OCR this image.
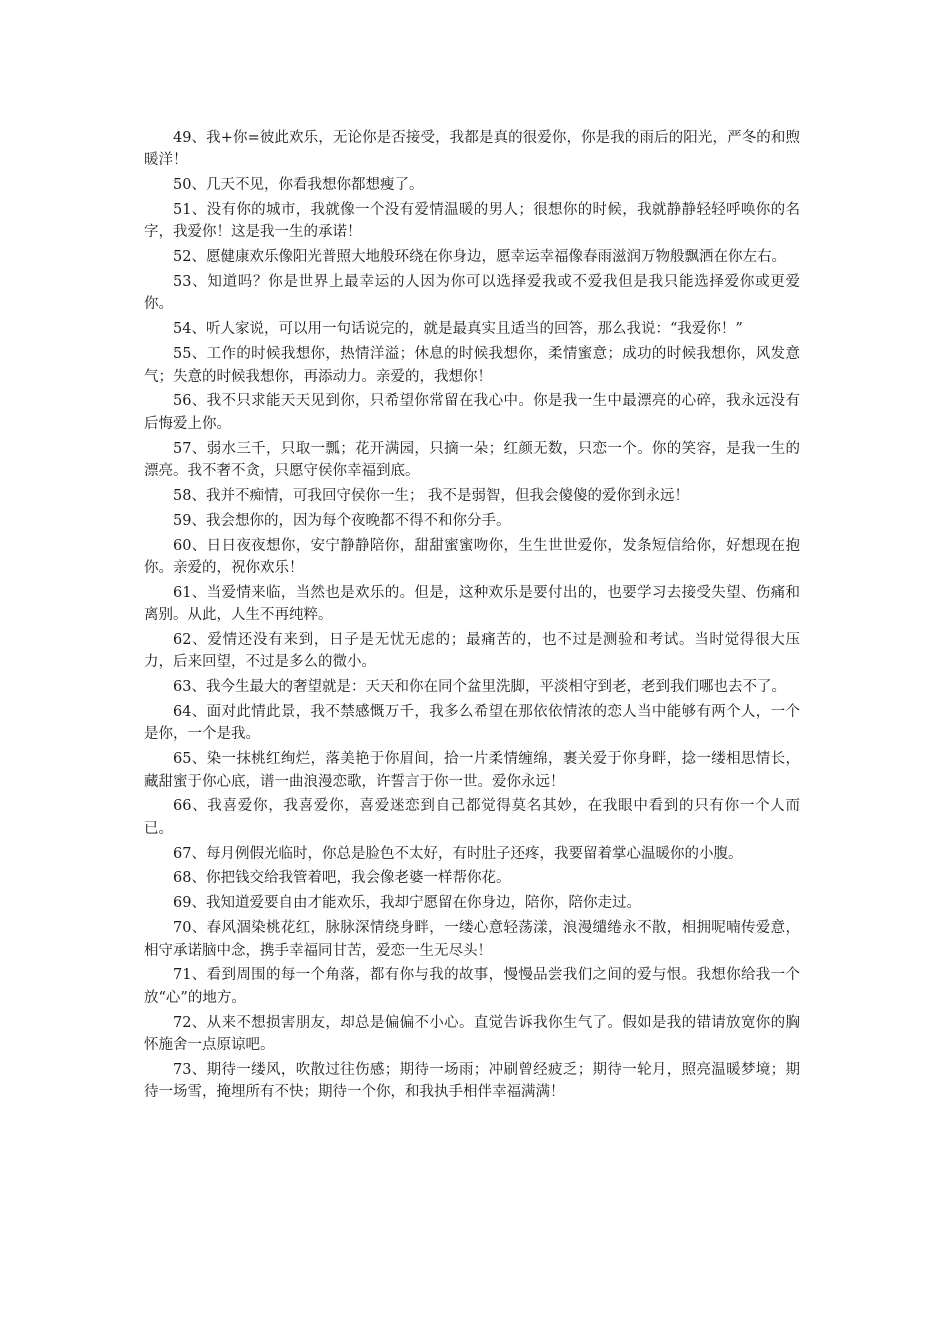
49、我+你=彼此欢乐，无论你是否接受，我都是真的很爱你，你是我的雨后的阳光，严冬的和煦暖洋！

50、几天不见，你看我想你都想瘦了。

51、没有你的城市，我就像一个没有爱情温暖的男人；很想你的时候，我就静静轻轻呼唤你的名字，我爱你！这是我一生的承诺！

52、愿健康欢乐像阳光普照大地般环绕在你身边，愿幸运幸福像春雨滋润万物般飘洒在你左右。

53、知道吗？你是世界上最幸运的人因为你可以选择爱我或不爱我但是我只能选择爱你或更爱你。

54、听人家说，可以用一句话说完的，就是最真实且适当的回答，那么我说：“我爱你！”

55、工作的时候我想你，热情洋溢；休息的时候我想你，柔情蜜意；成功的时候我想你，风发意气；失意的时候我想你，再添动力。亲爱的，我想你！

56、我不只求能天天见到你，只希望你常留在我心中。你是我一生中最漂亮的心碎，我永远没有后悔爱上你。

57、弱水三千，只取一瓢；花开满园，只摘一朵；红颜无数，只恋一个。你的笑容，是我一生的漂亮。我不奢不贪，只愿守侯你幸福到底。

58、我并不痴情，可我回守侯你一生； 我不是弱智，但我会傻傻的爱你到永远！

59、我会想你的，因为每个夜晚都不得不和你分手。

60、日日夜夜想你，安宁静静陪你，甜甜蜜蜜吻你，生生世世爱你，发条短信给你，好想现在抱你。亲爱的，祝你欢乐！

61、当爱情来临，当然也是欢乐的。但是，这种欢乐是要付出的，也要学习去接受失望、伤痛和离别。从此，人生不再纯粹。

62、爱情还没有来到，日子是无忧无虑的；最痛苦的，也不过是测验和考试。当时觉得很大压力，后来回望，不过是多么的微小。

63、我今生最大的奢望就是：天天和你在同个盆里洗脚，平淡相守到老，老到我们哪也去不了。

64、面对此情此景，我不禁感慨万千，我多么希望在那依依情浓的恋人当中能够有两个人，一个是你，一个是我。

65、染一抹桃红绚烂，落美艳于你眉间，拾一片柔情缠绵，裹关爱于你身畔，捻一缕相思情长，藏甜蜜于你心底，谱一曲浪漫恋歌，许誓言于你一世。爱你永远！

66、我喜爱你，我喜爱你，喜爱迷恋到自己都觉得莫名其妙，在我眼中看到的只有你一个人而已。

67、每月例假光临时，你总是脸色不太好，有时肚子还疼，我要留着掌心温暖你的小腹。

68、你把钱交给我管着吧，我会像老婆一样帮你花。

69、我知道爱要自由才能欢乐，我却宁愿留在你身边，陪你，陪你走过。

70、春风涸染桃花红，脉脉深情绕身畔，一缕心意轻荡漾，浪漫缱绻永不散，相拥呢喃传爱意，相守承诺脑中念，携手幸福同甘苦，爱恋一生无尽头！

71、看到周围的每一个角落，都有你与我的故事，慢慢品尝我们之间的爱与恨。我想你给我一个放“心”的地方。

72、从来不想损害朋友，却总是偏偏不小心。直觉告诉我你生气了。假如是我的错请放宽你的胸怀施舍一点原谅吧。

73、期待一缕风，吹散过往伤感；期待一场雨；冲刷曾经疲乏；期待一轮月，照亮温暖梦境；期待一场雪，掩埋所有不快；期待一个你，和我执手相伴幸福满满！
